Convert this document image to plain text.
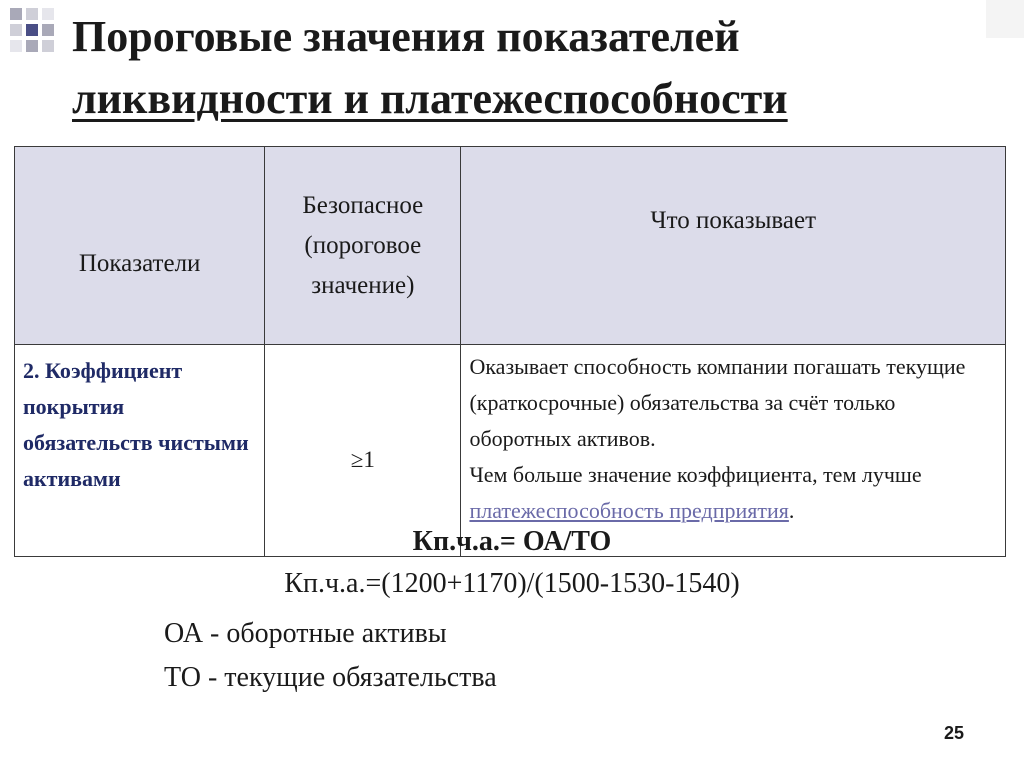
Пороговые значения показателей
ликвидности и платежеспособности
Показатели	Безопасное (пороговое значение)	Что показывает
2. Коэффициент покрытия обязательств чистыми активами	≥1	Оказывает способность компании погашать текущие (краткосрочные) обязательства за счёт только оборотных активов.
Чем больше значение коэффициента, тем лучше платежеспособность предприятия.
Кп.ч.а.= ОА/ТО
Кп.ч.а.=(1200+1170)/(1500-1530-1540)
ОА - оборотные активы
ТО - текущие обязательства
25
